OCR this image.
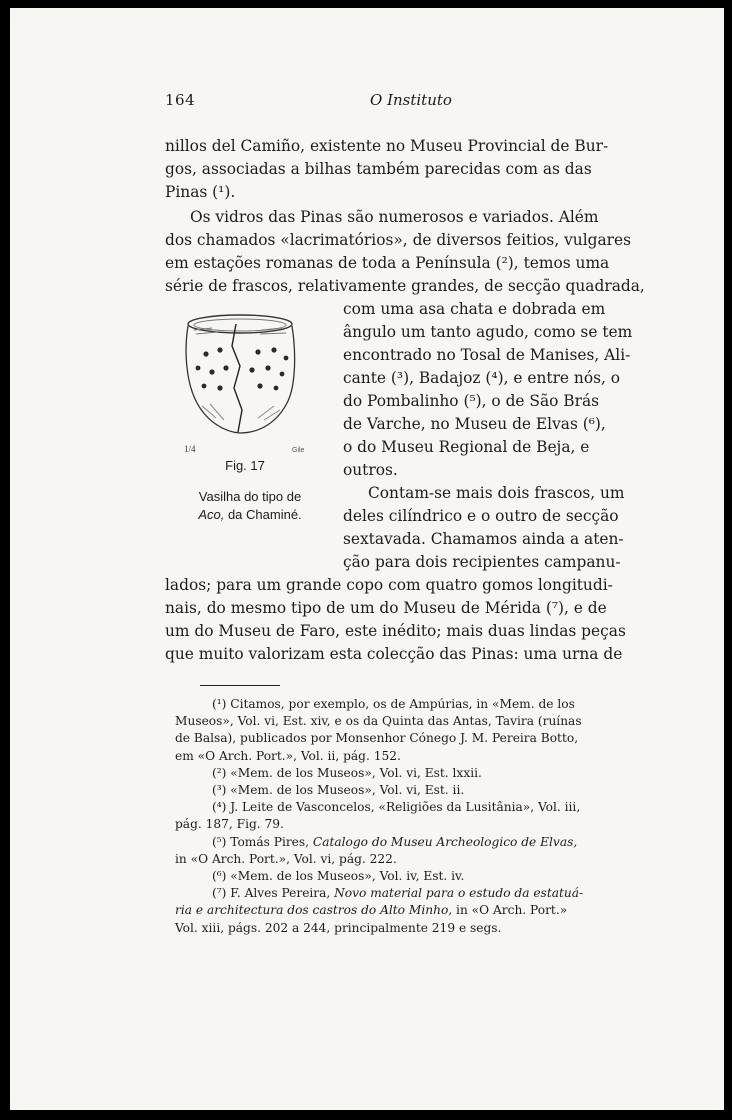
164	O Instituto
nillos del Camiño, existente no Museu Provincial de Bur-
gos, associadas a bilhas também parecidas com as das
Pinas (¹).
Os vidros das Pinas são numerosos e variados. Além
dos chamados «lacrimatórios», de diversos feitios, vulgares
em estações romanas de toda a Península (²), temos uma
série de frascos, relativamente grandes, de secção quadrada,
com uma asa chata e dobrada em
ângulo um tanto agudo, como se tem
encontrado no Tosal de Manises, Ali-
cante (³), Badajoz (⁴), e entre nós, o
do Pombalinho (⁵), o de São Brás
de Varche, no Museu de Elvas (⁶),
o do Museu Regional de Beja, e
outros.
Contam-se mais dois frascos, um
deles cilíndrico e o outro de secção
sextavada. Chamamos ainda a aten-
ção para dois recipientes campanu-
lados; para um grande copo com quatro gomos longitudi-
nais, do mesmo tipo de um do Museu de Mérida (⁷), e de
um do Museu de Faro, este inédito; mais duas lindas peças
que muito valorizam esta colecção das Pinas: uma urna de
1/4	Gile
Fig. 17
Vasilha do tipo de
Aco, da Chaminé.
(¹) Citamos, por exemplo, os de Ampúrias, in «Mem. de los
Museos», Vol. vi, Est. xiv, e os da Quinta das Antas, Tavira (ruínas
de Balsa), publicados por Monsenhor Cónego J. M. Pereira Botto,
em «O Arch. Port.», Vol. ii, pág. 152.
(²) «Mem. de los Museos», Vol. vi, Est. lxxii.
(³) «Mem. de los Museos», Vol. vi, Est. ii.
(⁴) J. Leite de Vasconcelos, «Religiões da Lusitânia», Vol. iii,
pág. 187, Fig. 79.
(⁵) Tomás Pires, Catalogo do Museu Archeologico de Elvas,
in «O Arch. Port.», Vol. vi, pág. 222.
(⁶) «Mem. de los Museos», Vol. iv, Est. iv.
(⁷) F. Alves Pereira, Novo material para o estudo da estatuá-
ria e architectura dos castros do Alto Minho, in «O Arch. Port.»
Vol. xiii, págs. 202 a 244, principalmente 219 e segs.
